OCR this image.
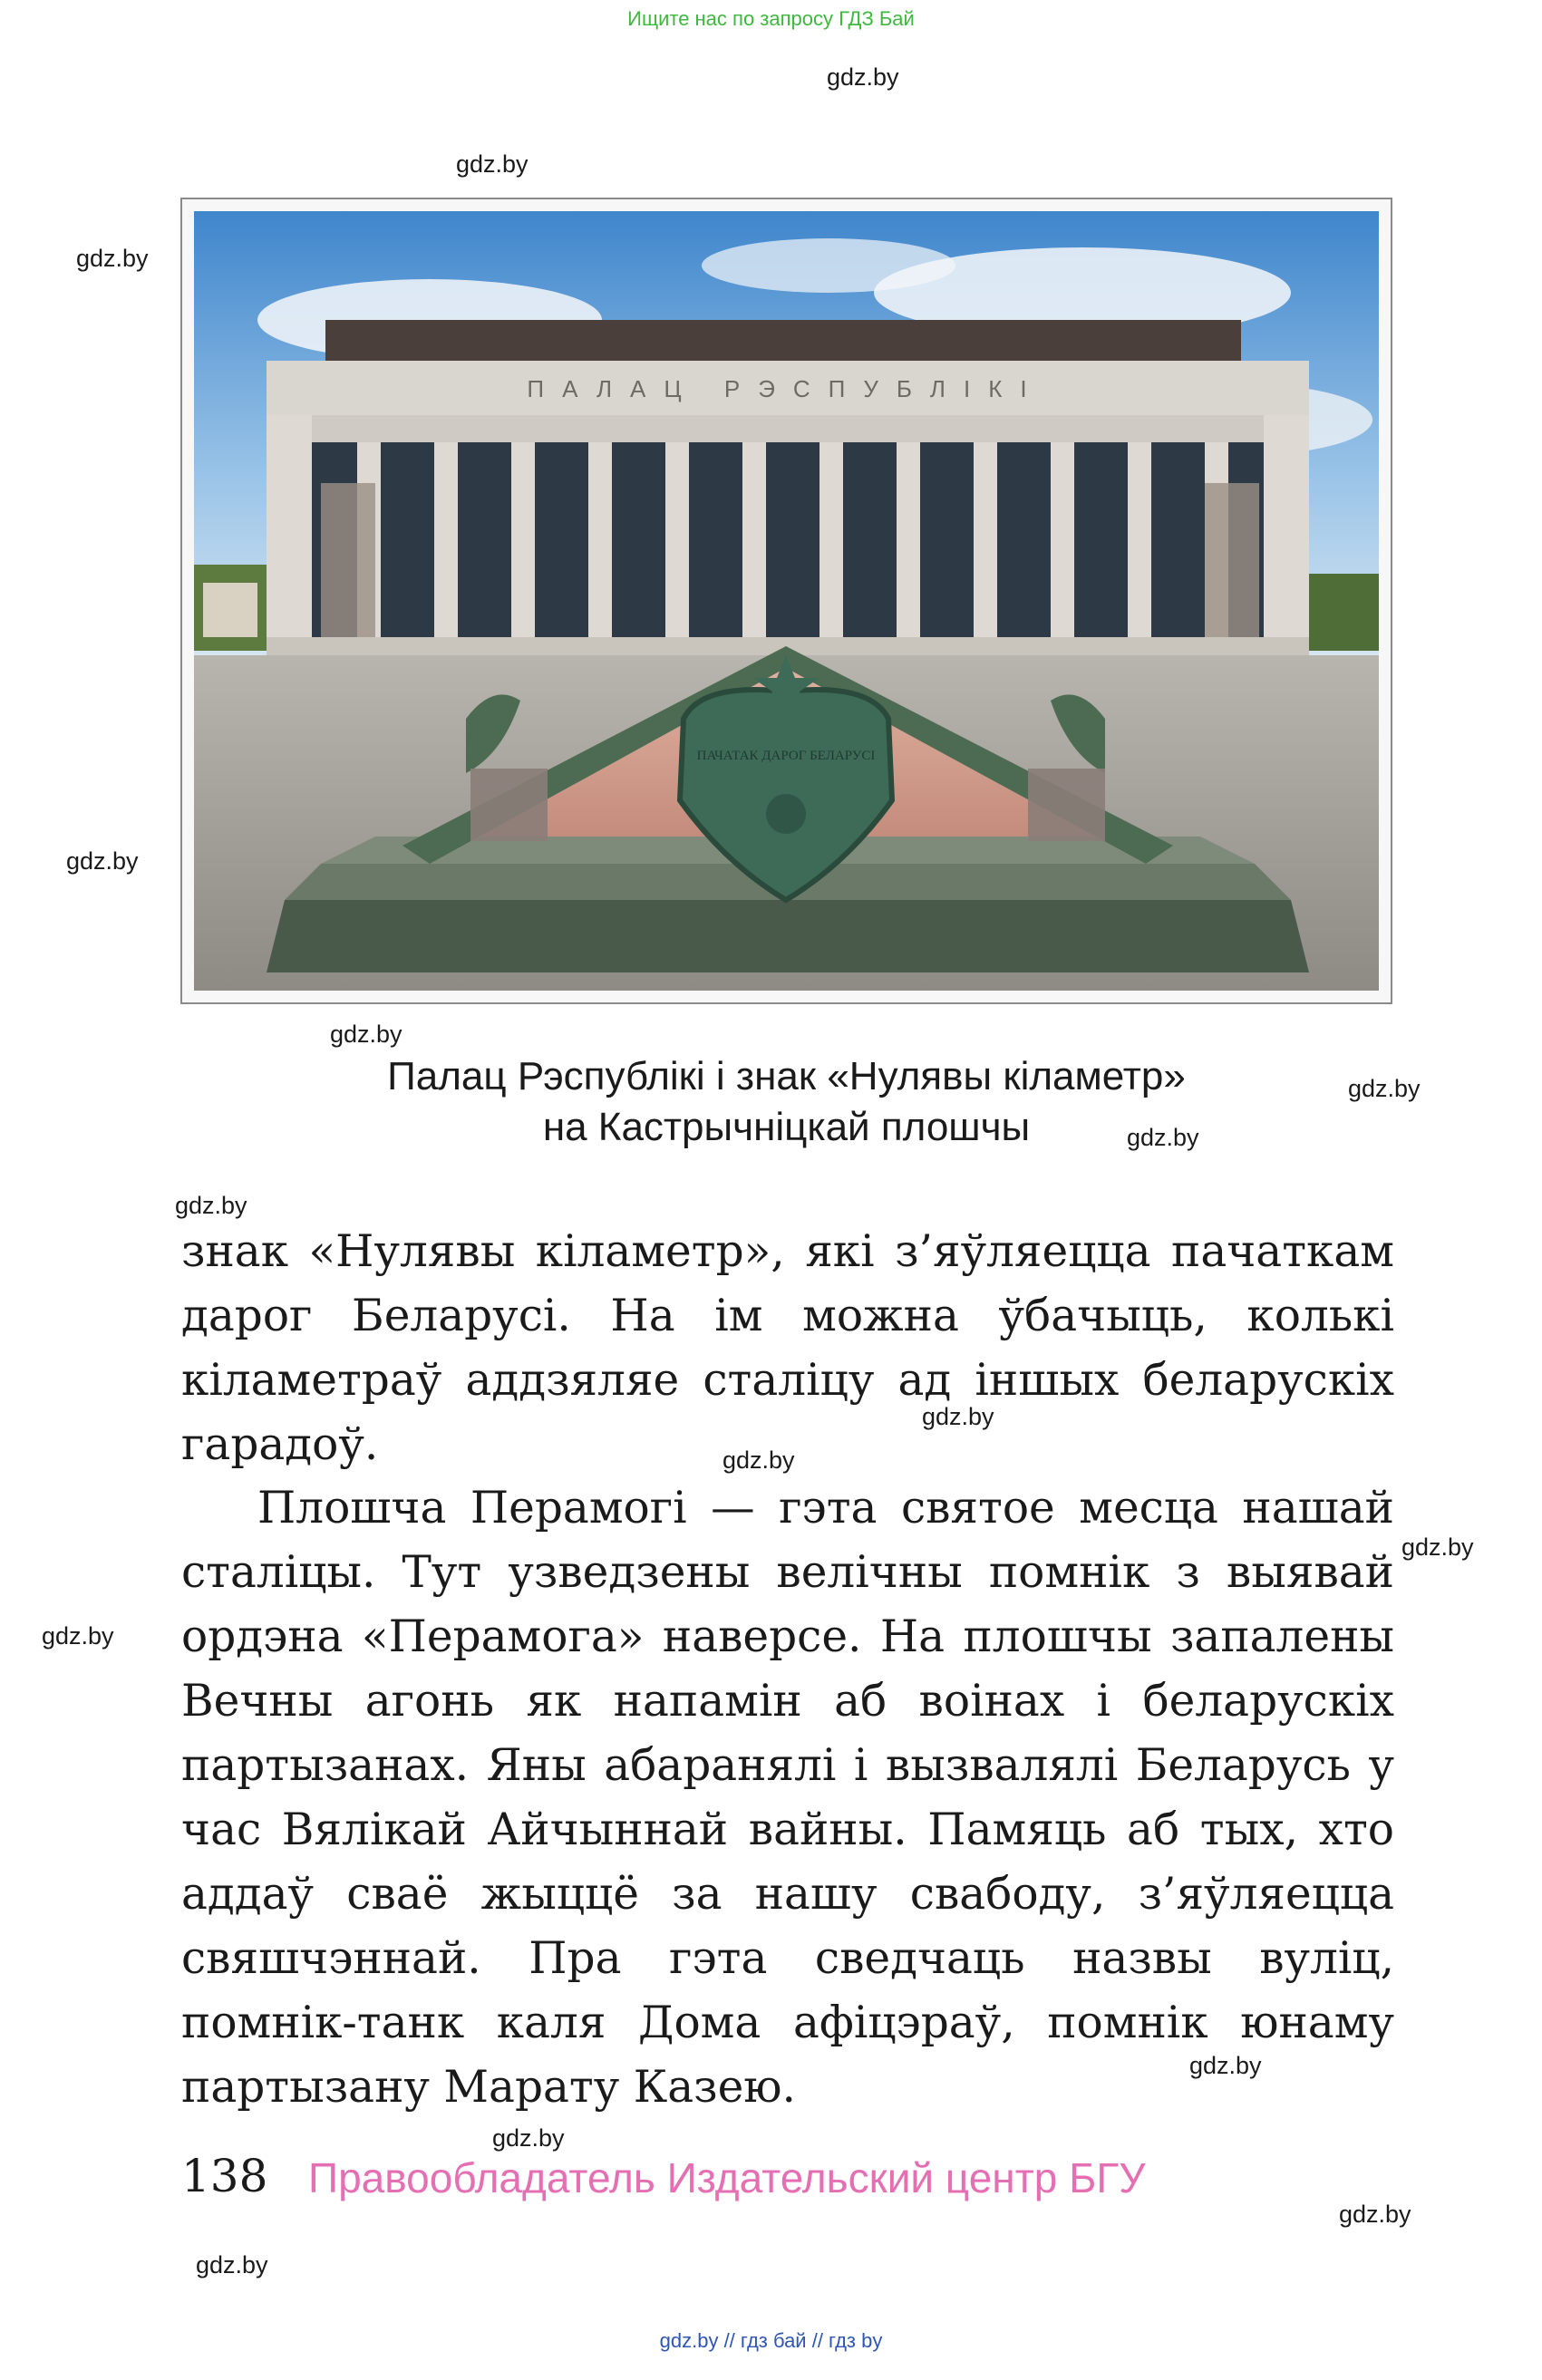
Ищите нас по запросу ГДЗ Бай
gdz.by
gdz.by
gdz.by
gdz.by
gdz.by
gdz.by
gdz.by
gdz.by
gdz.by
gdz.by
gdz.by
gdz.by
gdz.by
gdz.by
gdz.by
gdz.by
ПАЛАЦ РЭСПУБЛІКІ
ПАЧАТАК ДАРОГ БЕЛАРУСІ
Палац Рэспублікі і знак «Нулявы кіламетр»
на Кастрычніцкай плошчы

знак «Нулявы кіламетр», які з’яўляецца пачаткам дарог Беларусі. На ім можна ўбачыць, колькі кіламетраў аддзяляе сталіцу ад іншых беларускіх гарадоў.

Плошча Перамогі — гэта святое месца нашай сталіцы. Тут узведзены велічны помнік з выявай ордэна «Перамога» наверсе. На плошчы запалены Вечны агонь як напамін аб воінах і беларускіх партызанах. Яны абаранялі і вызвалялі Беларусь у час Вялікай Айчыннай вайны. Памяць аб тых, хто аддаў сваё жыццё за нашу свабоду, з’яўляецца свяшчэннай. Пра гэта сведчаць назвы вуліц, помнік-танк каля Дома афіцэраў, помнік юнаму партызану Марату Казею.

138 Правообладатель Издательский центр БГУ
gdz.by // гдз бай // гдз by
